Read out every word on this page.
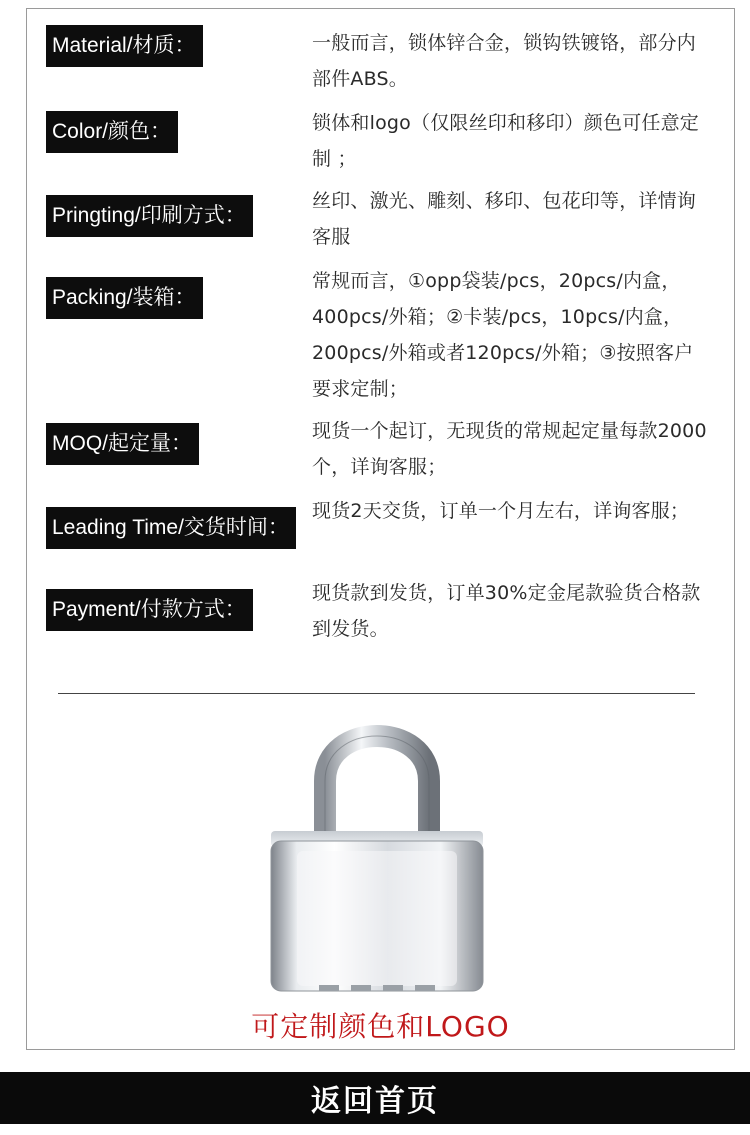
Material/材质：	一般而言，锁体锌合金，锁钩铁镀铬，部分内部件ABS。
Color/颜色：	锁体和logo（仅限丝印和移印）颜色可任意定制 ；
Pringting/印刷方式：
丝印、激光、雕刻、移印、包花印等，详情询客服
Packing/装箱：
常规而言，①opp袋装/pcs，20pcs/内盒，400pcs/外箱；②卡装/pcs，10pcs/内盒，200pcs/外箱或者120pcs/外箱；③按照客户要求定制；
MOQ/起定量：
现货一个起订，无现货的常规起定量每款2000个，详询客服；
Leading Time/交货时间：
现货2天交货，订单一个月左右，详询客服；
Payment/付款方式：
现货款到发货，订单30%定金尾款验货合格款到发货。
可定制颜色和LOGO
返回首页
